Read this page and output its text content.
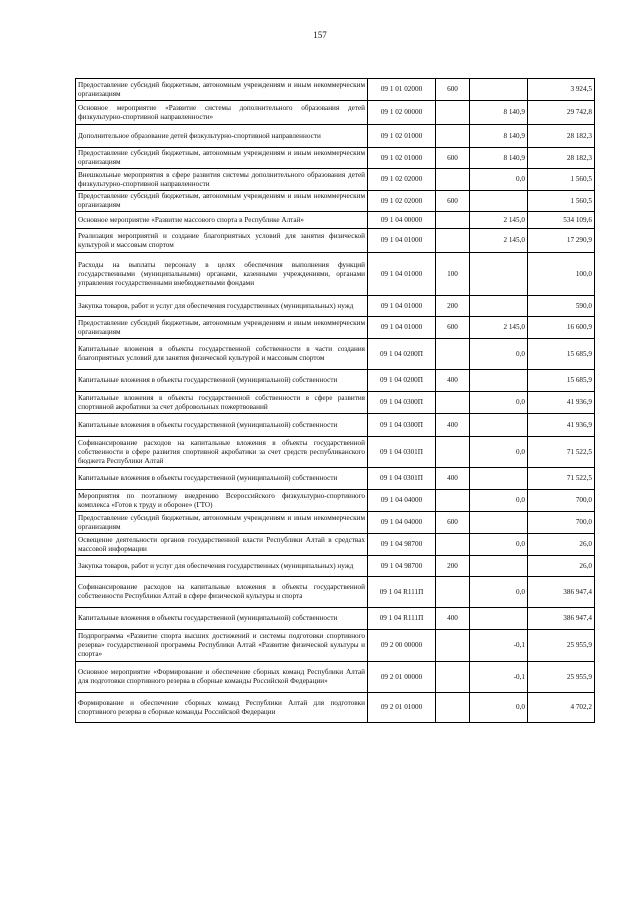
157
Предоставление субсидий бюджетным, автономным учреждениям и иным некоммерческим организациям	09 1 01 02000	600		3 924,5
Основное мероприятие «Развитие системы дополнительного образования детей физкультурно-спортивной направленности»	09 1 02 00000		8 140,9	29 742,8
Дополнительное образование детей физкультурно-спортивной направленности	09 1 02 01000		8 140,9	28 182,3
Предоставление субсидий бюджетным, автономным учреждениям и иным некоммерческим организациям	09 1 02 01000	600	8 140,9	28 182,3
Внешкольные мероприятия в сфере развития системы дополнительного образования детей физкультурно-спортивной направленности	09 1 02 02000		0,0	1 560,5
Предоставление субсидий бюджетным, автономным учреждениям и иным некоммерческим организациям	09 1 02 02000	600		1 560,5
Основное мероприятие «Развитие массового спорта в Республике Алтай»	09 1 04 00000		2 145,0	534 109,6
Реализация мероприятий и создание благоприятных условий для занятия физической культурой и массовым спортом	09 1 04 01000		2 145,0	17 290,9
Расходы на выплаты персоналу в целях обеспечения выполнения функций государственными (муниципальными) органами, казенными учреждениями, органами управления государственными внебюджетными фондами	09 1 04 01000	100		100,0
Закупка товаров, работ и услуг для обеспечения государственных (муниципальных) нужд	09 1 04 01000	200		590,0
Предоставление субсидий бюджетным, автономным учреждениям и иным некоммерческим организациям	09 1 04 01000	600	2 145,0	16 600,9
Капитальные вложения в объекты государственной собственности в части создания благоприятных условий для занятия физической культурой и массовым спортом	09 1 04 0200П		0,0	15 685,9
Капитальные вложения в объекты государственной (муниципальной) собственности	09 1 04 0200П	400		15 685,9
Капитальные вложения в объекты государственной собственности в сфере развития спортивной акробатики за счет добровольных пожертвований	09 1 04 0300П		0,0	41 936,9
Капитальные вложения в объекты государственной (муниципальной) собственности	09 1 04 0300П	400		41 936,9
Софинансирование расходов на капитальные вложения в объекты государственной собственности в сфере развития спортивной акробатики за счет средств республиканского бюджета Республики Алтай	09 1 04 0301П		0,0	71 522,5
Капитальные вложения в объекты государственной (муниципальной) собственности	09 1 04 0301П	400		71 522,5
Мероприятия по поэтапному внедрению Всероссийского физкультурно-спортивного комплекса «Готов к труду и обороне» (ГТО)	09 1 04 04000		0,0	700,0
Предоставление субсидий бюджетным, автономным учреждениям и иным некоммерческим организациям	09 1 04 04000	600		700,0
Освещение деятельности органов государственной власти Республики Алтай в средствах массовой информации	09 1 04 98700		0,0	26,0
Закупка товаров, работ и услуг для обеспечения государственных (муниципальных) нужд	09 1 04 98700	200		26,0
Софинансирование расходов на капитальные вложения в объекты государственной собственности Республики Алтай в сфере физической культуры и спорта	09 1 04 R111П		0,0	386 947,4
Капитальные вложения в объекты государственной (муниципальной) собственности	09 1 04 R111П	400		386 947,4
Подпрограмма «Развитие спорта высших достижений и системы подготовки спортивного резерва» государственной программы Республики Алтай «Развитие физической культуры и спорта»	09 2 00 00000		-0,1	25 955,9
Основное мероприятие «Формирование и обеспечение сборных команд Республики Алтай для подготовки спортивного резерва в сборные команды Российской Федерации»	09 2 01 00000		-0,1	25 955,9
Формирование и обеспечение сборных команд Республики Алтай для подготовки спортивного резерва в сборные команды Российской Федерации	09 2 01 01000		0,0	4 702,2
